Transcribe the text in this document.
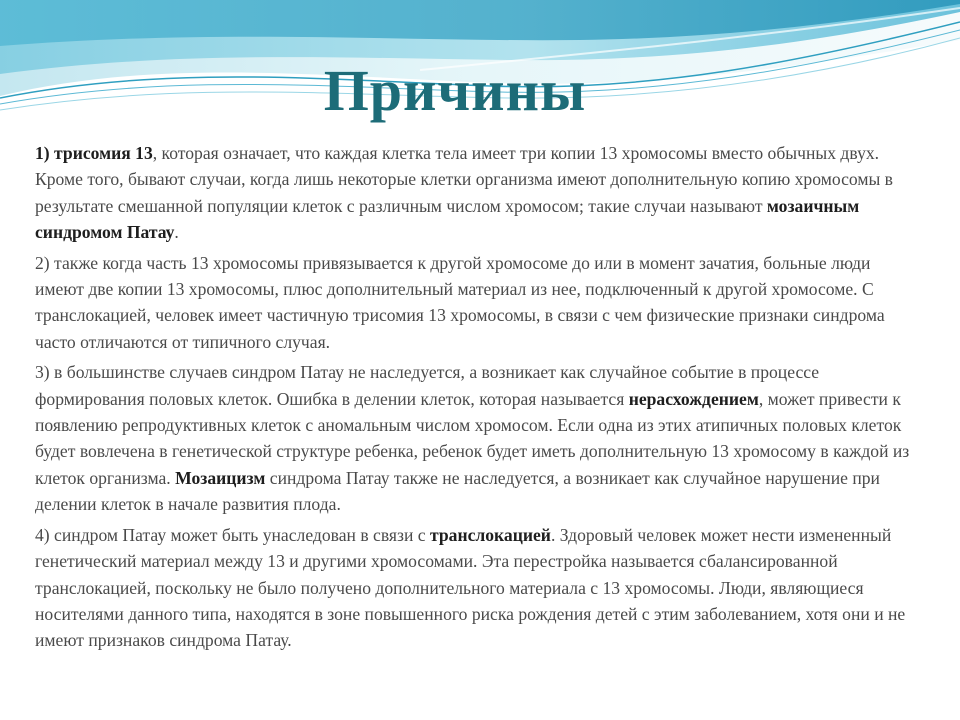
Причины

1) трисомия 13, которая означает, что каждая клетка тела имеет три копии 13 хромосомы вместо обычных двух. Кроме того, бывают случаи, когда лишь некоторые клетки организма имеют дополнительную копию хромосомы в результате смешанной популяции клеток с различным числом хромосом; такие случаи называют мозаичным синдромом Патау.

2) также когда часть 13 хромосомы привязывается к другой хромосоме до или в момент зачатия, больные люди имеют две копии 13 хромосомы, плюс дополнительный материал из нее, подключенный к другой хромосоме. С транслокацией, человек имеет частичную трисомия 13 хромосомы, в связи с чем физические признаки синдрома часто отличаются от типичного случая.

3) в большинстве случаев синдром Патау не наследуется, а возникает как случайное событие в процессе формирования половых клеток. Ошибка в делении клеток, которая называется нерасхождением, может привести к появлению репродуктивных клеток с аномальным числом хромосом. Если одна из этих атипичных половых клеток будет вовлечена в генетической структуре ребенка, ребенок будет иметь дополнительную 13 хромосому в каждой из клеток организма. Мозаицизм синдрома Патау также не наследуется, а возникает как случайное нарушение при делении клеток в начале развития плода.

4) синдром Патау может быть унаследован в связи с транслокацией. Здоровый человек может нести измененный генетический материал между 13 и другими хромосомами. Эта перестройка называется сбалансированной транслокацией, поскольку не было получено дополнительного материала с 13 хромосомы. Люди, являющиеся носителями данного типа, находятся в зоне повышенного риска рождения детей с этим заболеванием, хотя они и не имеют признаков синдрома Патау.
